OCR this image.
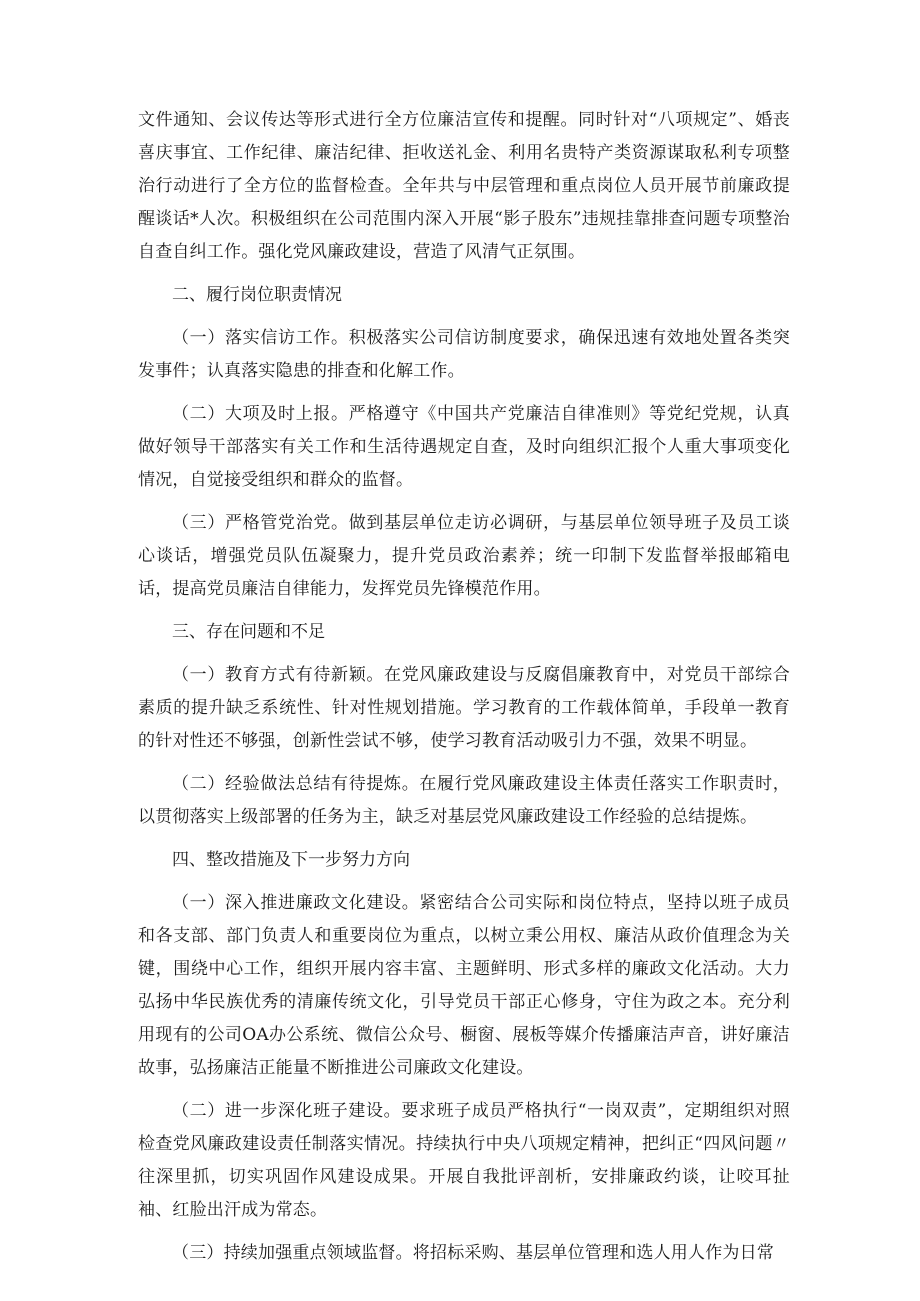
文件通知、会议传达等形式进行全方位廉洁宣传和提醒。同时针对“八项规定”、婚丧喜庆事宜、工作纪律、廉洁纪律、拒收送礼金、利用名贵特产类资源谋取私利专项整治行动进行了全方位的监督检查。全年共与中层管理和重点岗位人员开展节前廉政提醒谈话*人次。积极组织在公司范围内深入开展“影子股东”违规挂靠排查问题专项整治自查自纠工作。强化党风廉政建设，营造了风清气正氛围。

二、履行岗位职责情况

（一）落实信访工作。积极落实公司信访制度要求，确保迅速有效地处置各类突发事件；认真落实隐患的排查和化解工作。

（二）大项及时上报。严格遵守《中国共产党廉洁自律准则》等党纪党规，认真做好领导干部落实有关工作和生活待遇规定自查，及时向组织汇报个人重大事项变化情况，自觉接受组织和群众的监督。

（三）严格管党治党。做到基层单位走访必调研，与基层单位领导班子及员工谈心谈话，增强党员队伍凝聚力，提升党员政治素养；统一印制下发监督举报邮箱电话，提高党员廉洁自律能力，发挥党员先锋模范作用。

三、存在问题和不足

（一）教育方式有待新颖。在党风廉政建设与反腐倡廉教育中，对党员干部综合素质的提升缺乏系统性、针对性规划措施。学习教育的工作载体简单，手段单一教育的针对性还不够强，创新性尝试不够，使学习教育活动吸引力不强，效果不明显。

（二）经验做法总结有待提炼。在履行党风廉政建设主体责任落实工作职责时，以贯彻落实上级部署的任务为主，缺乏对基层党风廉政建设工作经验的总结提炼。

四、整改措施及下一步努力方向

（一）深入推进廉政文化建设。紧密结合公司实际和岗位特点，坚持以班子成员和各支部、部门负责人和重要岗位为重点，以树立秉公用权、廉洁从政价值理念为关键，围绕中心工作，组织开展内容丰富、主题鲜明、形式多样的廉政文化活动。大力弘扬中华民族优秀的清廉传统文化，引导党员干部正心修身，守住为政之本。充分利用现有的公司OA办公系统、微信公众号、橱窗、展板等媒介传播廉洁声音，讲好廉洁故事，弘扬廉洁正能量不断推进公司廉政文化建设。

（二）进一步深化班子建设。要求班子成员严格执行“一岗双责”，定期组织对照检查党风廉政建设责任制落实情况。持续执行中央八项规定精神，把纠正“四风问题〃往深里抓，切实巩固作风建设成果。开展自我批评剖析，安排廉政约谈，让咬耳扯袖、红脸出汗成为常态。

（三）持续加强重点领域监督。将招标采购、基层单位管理和选人用人作为日常
